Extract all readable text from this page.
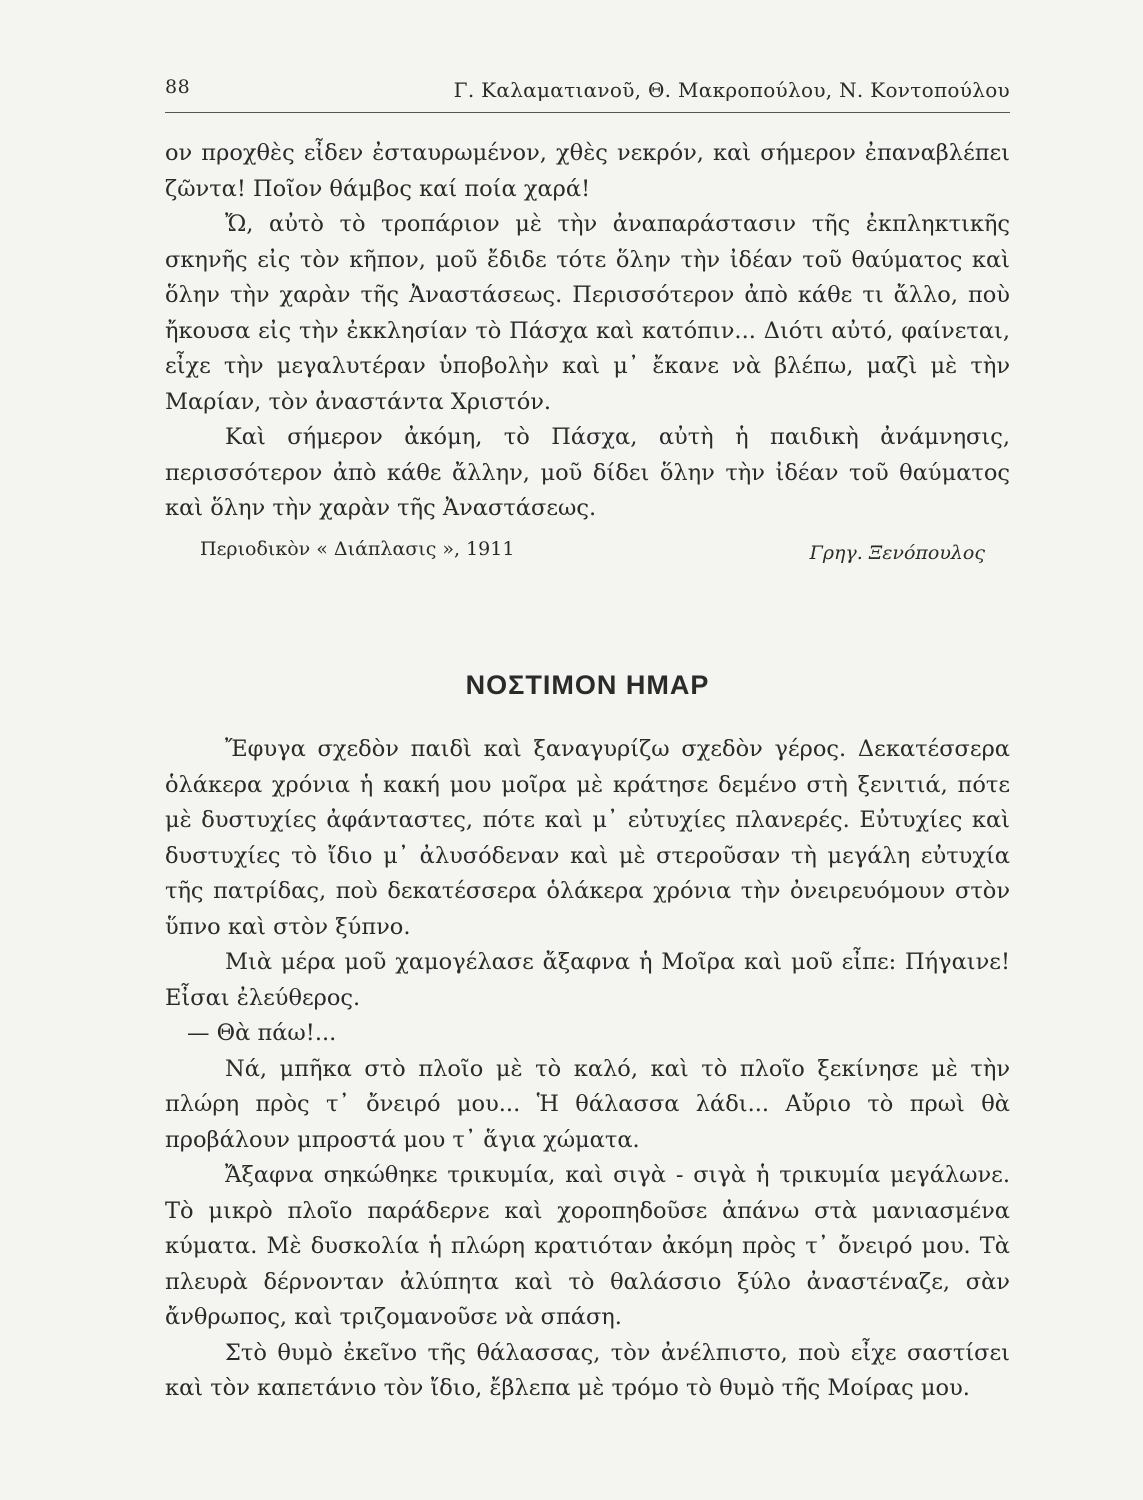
88	Γ. Καλαματιανοῦ, Θ. Μακροπούλου, Ν. Κοντοπούλου

ον προχθὲς εἶδεν ἐσταυρωμένον, χθὲς νεκρόν, καὶ σήμερον ἐπαναβλέπει ζῶντα! Ποῖον θάμβος καί ποία χαρά!

Ὤ, αὐτὸ τὸ τροπάριον μὲ τὴν ἀναπαράστασιν τῆς ἐκπληκτικῆς σκηνῆς εἰς τὸν κῆπον, μοῦ ἔδιδε τότε ὅλην τὴν ἰδέαν τοῦ θαύματος καὶ ὅλην τὴν χαρὰν τῆς Ἀναστάσεως. Περισσότερον ἀπὸ κάθε τι ἄλλο, ποὺ ἤκουσα εἰς τὴν ἐκκλησίαν τὸ Πάσχα καὶ κατόπιν... Διότι αὐτό, φαίνεται, εἶχε τὴν μεγαλυτέραν ὑποβολὴν καὶ μ᾿ ἔκανε νὰ βλέπω, μαζὶ μὲ τὴν Μαρίαν, τὸν ἀναστάντα Χριστόν.

Καὶ σήμερον ἀκόμη, τὸ Πάσχα, αὐτὴ ἡ παιδικὴ ἀνάμνησις, περισσότερον ἀπὸ κάθε ἄλλην, μοῦ δίδει ὅλην τὴν ἰδέαν τοῦ θαύματος καὶ ὅλην τὴν χαρὰν τῆς Ἀναστάσεως.

Περιοδικὸν « Διάπλασις », 1911	Γρηγ. Ξενόπουλος
ΝΟΣΤΙΜΟΝ ΗΜΑΡ

Ἔφυγα σχεδὸν παιδὶ καὶ ξαναγυρίζω σχεδὸν γέρος. Δεκατέσσερα ὁλάκερα χρόνια ἡ κακή μου μοῖρα μὲ κράτησε δεμένο στὴ ξενιτιά, πότε μὲ δυστυχίες ἀφάνταστες, πότε καὶ μ᾿ εὐτυχίες πλανερές. Εὐτυχίες καὶ δυστυχίες τὸ ἴδιο μ᾿ ἀλυσόδεναν καὶ μὲ στεροῦσαν τὴ μεγάλη εὐτυχία τῆς πατρίδας, ποὺ δεκατέσσερα ὁλάκερα χρόνια τὴν ὀνειρευόμουν στὸν ὕπνο καὶ στὸν ξύπνο.

Μιὰ μέρα μοῦ χαμογέλασε ἄξαφνα ἡ Μοῖρα καὶ μοῦ εἶπε: Πήγαινε! Εἶσαι ἐλεύθερος.

— Θὰ πάω!...

Νά, μπῆκα στὸ πλοῖο μὲ τὸ καλό, καὶ τὸ πλοῖο ξεκίνησε μὲ τὴν πλώρη πρὸς τ᾿ ὄνειρό μου... Ἡ θάλασσα λάδι... Αὔριο τὸ πρωὶ θὰ προβάλουν μπροστά μου τ᾿ ἅγια χώματα.

Ἄξαφνα σηκώθηκε τρικυμία, καὶ σιγὰ - σιγὰ ἡ τρικυμία μεγάλωνε. Τὸ μικρὸ πλοῖο παράδερνε καὶ χοροπηδοῦσε ἀπάνω στὰ μανιασμένα κύματα. Μὲ δυσκολία ἡ πλώρη κρατιόταν ἀκόμη πρὸς τ᾿ ὄνειρό μου. Τὰ πλευρὰ δέρνονταν ἀλύπητα καὶ τὸ θαλάσσιο ξύλο ἀναστέναζε, σὰν ἄνθρωπος, καὶ τριζομανοῦσε νὰ σπάση.

Στὸ θυμὸ ἐκεῖνο τῆς θάλασσας, τὸν ἀνέλπιστο, ποὺ εἶχε σαστίσει καὶ τὸν καπετάνιο τὸν ἴδιο, ἔβλεπα μὲ τρόμο τὸ θυμὸ τῆς Μοίρας μου.
